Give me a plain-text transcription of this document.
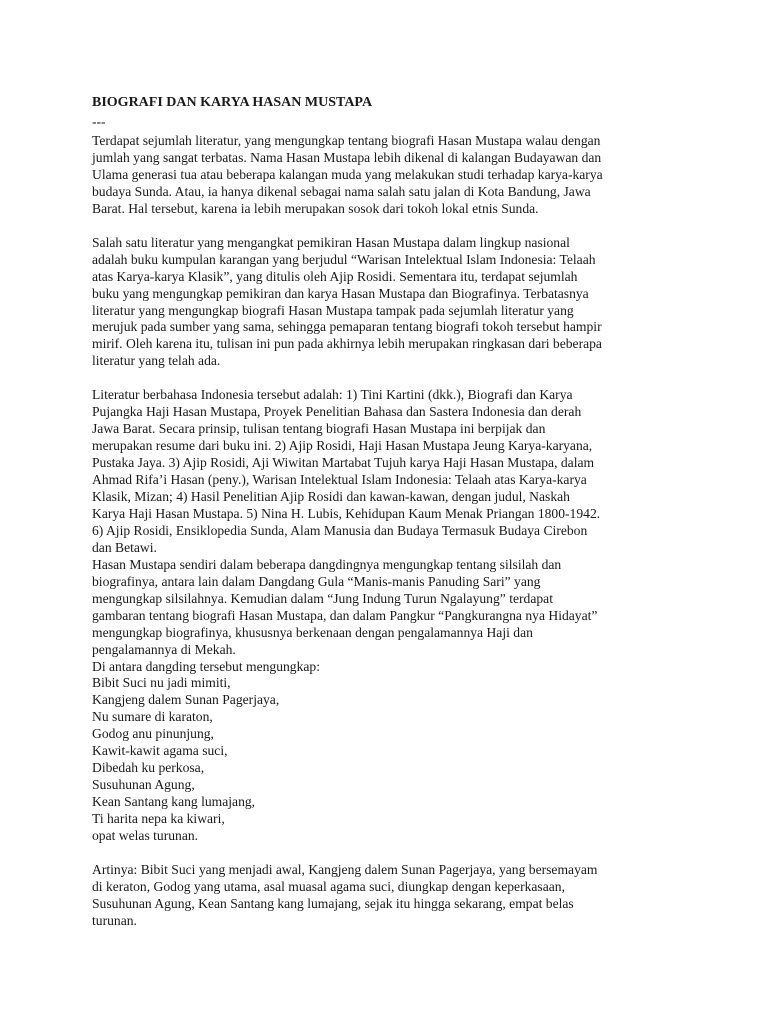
BIOGRAFI DAN KARYA HASAN MUSTAPA
---

Terdapat sejumlah literatur, yang mengungkap tentang biografi Hasan Mustapa walau dengan
jumlah yang sangat terbatas. Nama Hasan Mustapa lebih dikenal di kalangan Budayawan dan
Ulama generasi tua atau beberapa kalangan muda yang melakukan studi terhadap karya-karya
budaya Sunda. Atau, ia hanya dikenal sebagai nama salah satu jalan di Kota Bandung, Jawa
Barat. Hal tersebut, karena ia lebih merupakan sosok dari tokoh lokal etnis Sunda.

Salah satu literatur yang mengangkat pemikiran Hasan Mustapa dalam lingkup nasional
adalah buku kumpulan karangan yang berjudul “Warisan Intelektual Islam Indonesia: Telaah
atas Karya-karya Klasik”, yang ditulis oleh Ajip Rosidi. Sementara itu, terdapat sejumlah
buku yang mengungkap pemikiran dan karya Hasan Mustapa dan Biografinya. Terbatasnya
literatur yang mengungkap biografi Hasan Mustapa tampak pada sejumlah literatur yang
merujuk pada sumber yang sama, sehingga pemaparan tentang biografi tokoh tersebut hampir
mirif. Oleh karena itu, tulisan ini pun pada akhirnya lebih merupakan ringkasan dari beberapa
literatur yang telah ada.

Literatur berbahasa Indonesia tersebut adalah: 1) Tini Kartini (dkk.), Biografi dan Karya
Pujangka Haji Hasan Mustapa, Proyek Penelitian Bahasa dan Sastera Indonesia dan derah
Jawa Barat. Secara prinsip, tulisan tentang biografi Hasan Mustapa ini berpijak dan
merupakan resume dari buku ini. 2) Ajip Rosidi, Haji Hasan Mustapa Jeung Karya-karyana,
Pustaka Jaya. 3) Ajip Rosidi, Aji Wiwitan Martabat Tujuh karya Haji Hasan Mustapa, dalam
Ahmad Rifa’i Hasan (peny.), Warisan Intelektual Islam Indonesia: Telaah atas Karya-karya
Klasik, Mizan; 4) Hasil Penelitian Ajip Rosidi dan kawan-kawan, dengan judul, Naskah
Karya Haji Hasan Mustapa. 5) Nina H. Lubis, Kehidupan Kaum Menak Priangan 1800-1942.
6) Ajip Rosidi, Ensiklopedia Sunda, Alam Manusia dan Budaya Termasuk Budaya Cirebon
dan Betawi.

Hasan Mustapa sendiri dalam beberapa dangdingnya mengungkap tentang silsilah dan
biografinya, antara lain dalam Dangdang Gula “Manis-manis Panuding Sari” yang
mengungkap silsilahnya. Kemudian dalam “Jung Indung Turun Ngalayung” terdapat
gambaran tentang biografi Hasan Mustapa, dan dalam Pangkur “Pangkurangna nya Hidayat”
mengungkap biografinya, khususnya berkenaan dengan pengalamannya Haji dan
pengalamannya di Mekah.

Di antara dangding tersebut mengungkap:
Bibit Suci nu jadi mimiti,
Kangjeng dalem Sunan Pagerjaya,
Nu sumare di karaton,
Godog anu pinunjung,
Kawit-kawit agama suci,
Dibedah ku perkosa,
Susuhunan Agung,
Kean Santang kang lumajang,
Ti harita nepa ka kiwari,
opat welas turunan.

Artinya: Bibit Suci yang menjadi awal, Kangjeng dalem Sunan Pagerjaya, yang bersemayam
di keraton, Godog yang utama, asal muasal agama suci, diungkap dengan keperkasaan,
Susuhunan Agung, Kean Santang kang lumajang, sejak itu hingga sekarang, empat belas
turunan.
